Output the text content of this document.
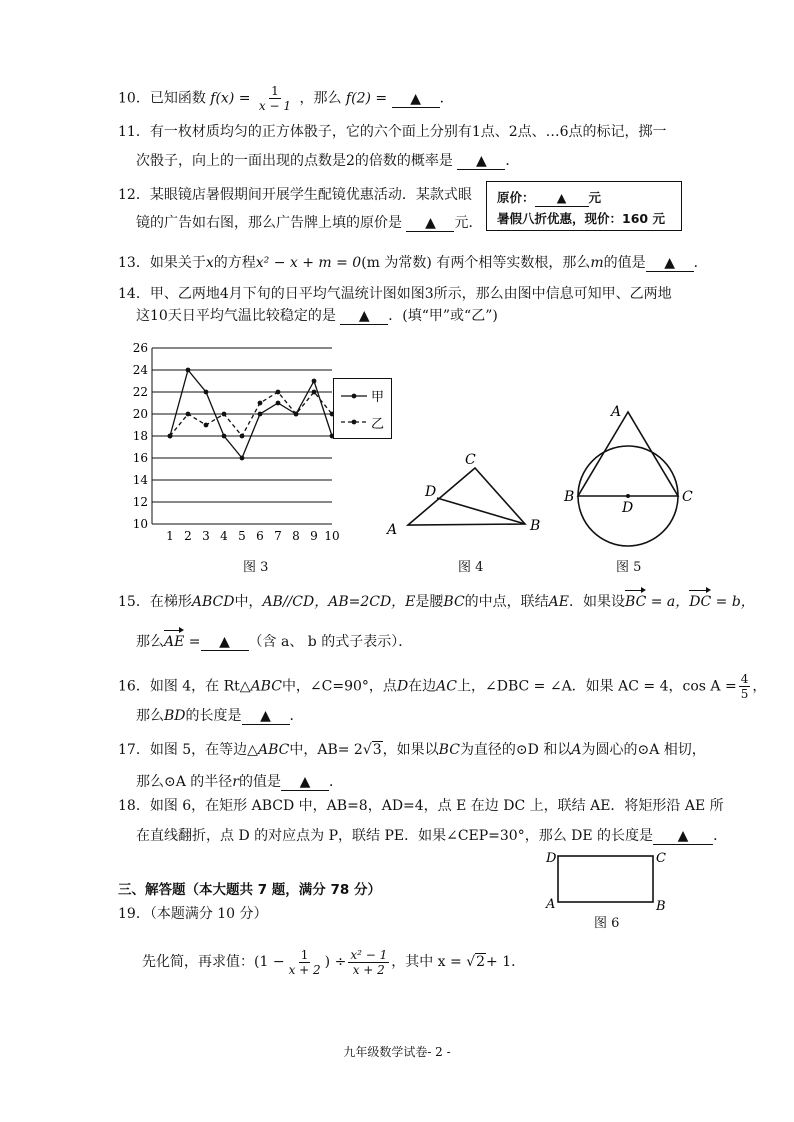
10．已知函数 $f(x) = \frac{1}{x - 1}$ ，那么 f(2) = ▲ ．
11．有一枚材质均匀的正方体骰子，它的六个面上分别有1点、2点、…6点的标记，掷一
次骰子，向上的一面出现的点数是2的倍数的概率是 ▲ ．
12．某眼镜店暑假期间开展学生配镜优惠活动．某款式眼
镜的广告如右图，那么广告牌上填的原价是 ▲ 元．
原价： ▲ 元
暑假八折优惠，现价：160 元
13．如果关于x的方程x² − x + m = 0(m 为常数) 有两个相等实数根，那么m的值是 ▲ ．
14．甲、乙两地4月下旬的日平均气温统计图如图3所示，那么由图中信息可知甲、乙两地
这10天日平均气温比较稳定的是 ▲ ．(填“甲”或“乙”)
10
12
14
16
18
20
22
24
26
1 2 3 4 5 6 7 8 9 10
图 3
A	B
C
D
图 4
A
B	C
D
图 5
15．在梯形ABCD中，AB//CD，AB=2CD，E是腰BC的中点，联结AE．如果设BC = a，DC = b，
那么AE = ▲ （含 a、 b 的式子表示）．
16．如图 4，在 Rt△ABC中，∠C=90°，点D在边AC上，∠DBC = ∠A．如果 AC = 4，$\cos A = \frac{4}{5}$ ，
那么BD的长度是 ▲ ．
17．如图 5，在等边△ABC中，AB= 2√3，如果以BC为直径的⊙D 和以A为圆心的⊙A 相切，
那么⊙A 的半径r的值是 ▲ ．
18．如图 6，在矩形 ABCD 中，AB=8，AD=4，点 E 在边 DC 上，联结 AE．将矩形沿 AE 所
在直线翻折，点 D 的对应点为 P，联结 PE．如果∠CEP=30°，那么 DE 的长度是 ▲ ．
D	C
A	B
图 6
三、解答题（本大题共 7 题，满分 78 分）
19．（本题满分 10 分）
先化简，再求值：($1 - \frac{1}{x + 2}$ ) ÷ $\frac{\text{x² − 1}}{x + 2}$ ，其中 x = √2+ 1．
九年级数学试卷- 2 -
甲
乙
